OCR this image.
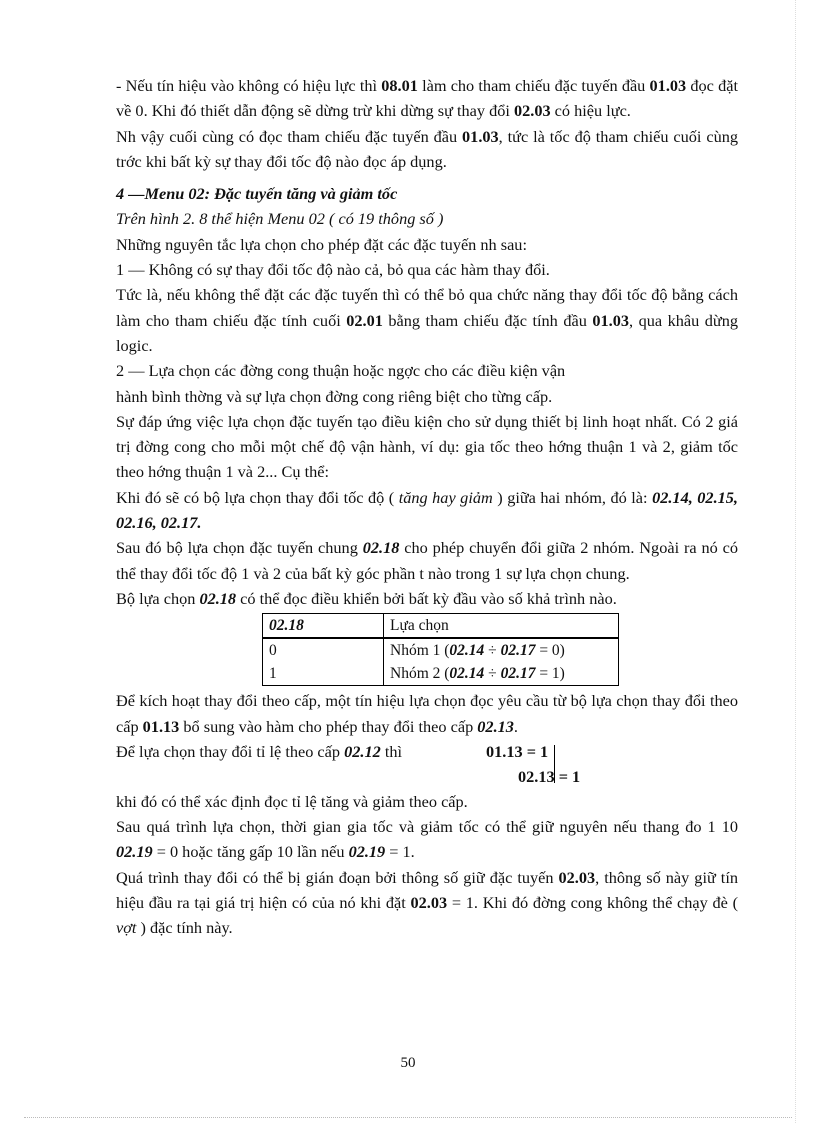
- Nếu tín hiệu vào không có hiệu lực thì 08.01 làm cho tham chiếu đặc tuyến đầu 01.03 đọc đặt về 0. Khi đó thiết dẫn động sẽ dừng trừ khi dừng sự thay đổi 02.03 có hiệu lực.

Nh vậy cuối cùng có đọc tham chiếu đặc tuyến đầu 01.03, tức là tốc độ tham chiếu cuối cùng trớc khi bất kỳ sự thay đổi tốc độ nào đọc áp dụng.

4 —Menu 02: Đặc tuyến tăng và giảm tốc

Trên hình 2. 8 thể hiện Menu 02 ( có 19 thông số )

Những nguyên tắc lựa chọn cho phép đặt các đặc tuyến nh sau:

1 — Không có sự thay đổi tốc độ nào cả, bỏ qua các hàm thay đổi.

Tức là, nếu không thể đặt các đặc tuyến thì có thể bỏ qua chức năng thay đổi tốc độ bằng cách làm cho tham chiếu đặc tính cuối 02.01 bằng tham chiếu đặc tính đầu 01.03, qua khâu dừng logic.

2 — Lựa chọn các đờng cong thuận hoặc ngợc cho các điều kiện vận

hành bình thờng và sự lựa chọn đờng cong riêng biệt cho từng cấp.

Sự đáp ứng việc lựa chọn đặc tuyến tạo điều kiện cho sử dụng thiết bị linh hoạt nhất. Có 2 giá trị đờng cong cho mỗi một chế độ vận hành, ví dụ: gia tốc theo hớng thuận 1 và 2, giảm tốc theo hớng thuận 1 và 2... Cụ thể:

Khi đó sẽ có bộ lựa chọn thay đổi tốc độ ( tăng hay giảm ) giữa hai nhóm, đó là: 02.14, 02.15, 02.16, 02.17.

Sau đó bộ lựa chọn đặc tuyến chung 02.18 cho phép chuyển đổi giữa 2 nhóm. Ngoài ra nó có thể thay đổi tốc độ 1 và 2 của bất kỳ góc phần t nào trong 1 sự lựa chọn chung.

Bộ lựa chọn 02.18 có thể đọc điều khiển bởi bất kỳ đầu vào số khả trình nào.

02.18	Lựa chọn
0	Nhóm 1 (02.14 ÷ 02.17 = 0)
1	Nhóm 2 (02.14 ÷ 02.17 = 1)

Để kích hoạt thay đổi theo cấp, một tín hiệu lựa chọn đọc yêu cầu từ bộ lựa chọn thay đổi theo cấp 01.13 bổ sung vào hàm cho phép thay đổi theo cấp 02.13.

Để lựa chọn thay đổi tỉ lệ theo cấp 02.12 thì	01.13 = 1
02.13 = 1

khi đó có thể xác định đọc tỉ lệ tăng và giảm theo cấp.

Sau quá trình lựa chọn, thời gian gia tốc và giảm tốc có thể giữ nguyên nếu thang đo 1 10 02.19 = 0 hoặc tăng gấp 10 lần nếu 02.19 = 1.

Quá trình thay đổi có thể bị gián đoạn bởi thông số giữ đặc tuyến 02.03, thông số này giữ tín hiệu đầu ra tại giá trị hiện có của nó khi đặt 02.03 = 1. Khi đó đờng cong không thể chạy đè ( vợt ) đặc tính này.

50
